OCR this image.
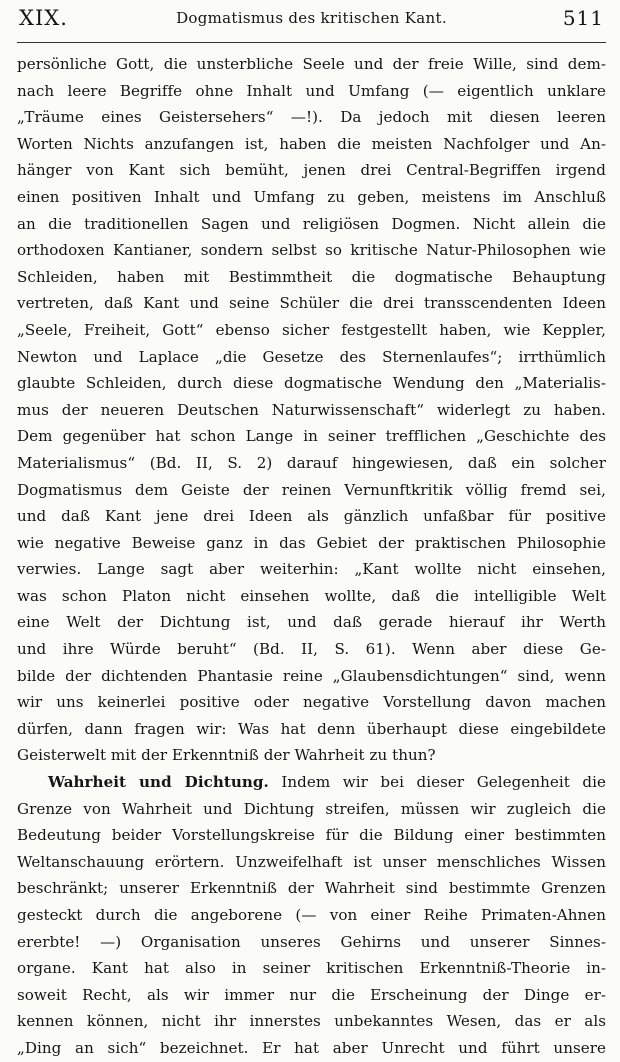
XIX.	Dogmatismus des kritischen Kant.	511
persönliche Gott, die unsterbliche Seele und der freie Wille, sind dem-
nach leere Begriffe ohne Inhalt und Umfang (— eigentlich unklare
„Träume eines Geistersehers“ —!). Da jedoch mit diesen leeren
Worten Nichts anzufangen ist, haben die meisten Nachfolger und An-
hänger von Kant sich bemüht, jenen drei Central-Begriffen irgend
einen positiven Inhalt und Umfang zu geben, meistens im Anschluß
an die traditionellen Sagen und religiösen Dogmen. Nicht allein die
orthodoxen Kantianer, sondern selbst so kritische Natur-Philosophen wie
Schleiden, haben mit Bestimmtheit die dogmatische Behauptung
vertreten, daß Kant und seine Schüler die drei transscendenten Ideen
„Seele, Freiheit, Gott“ ebenso sicher festgestellt haben, wie Keppler,
Newton und Laplace „die Gesetze des Sternenlaufes“; irrthümlich
glaubte Schleiden, durch diese dogmatische Wendung den „Materialis-
mus der neueren Deutschen Naturwissenschaft“ widerlegt zu haben.
Dem gegenüber hat schon Lange in seiner trefflichen „Geschichte des
Materialismus“ (Bd. II, S. 2) darauf hingewiesen, daß ein solcher
Dogmatismus dem Geiste der reinen Vernunftkritik völlig fremd sei,
und daß Kant jene drei Ideen als gänzlich unfaßbar für positive
wie negative Beweise ganz in das Gebiet der praktischen Philosophie
verwies. Lange sagt aber weiterhin: „Kant wollte nicht einsehen,
was schon Platon nicht einsehen wollte, daß die intelligible Welt
eine Welt der Dichtung ist, und daß gerade hierauf ihr Werth
und ihre Würde beruht“ (Bd. II, S. 61). Wenn aber diese Ge-
bilde der dichtenden Phantasie reine „Glaubensdichtungen“ sind, wenn
wir uns keinerlei positive oder negative Vorstellung davon machen
dürfen, dann fragen wir: Was hat denn überhaupt diese eingebildete
Geisterwelt mit der Erkenntniß der Wahrheit zu thun?
Wahrheit und Dichtung. Indem wir bei dieser Gelegenheit die
Grenze von Wahrheit und Dichtung streifen, müssen wir zugleich die
Bedeutung beider Vorstellungskreise für die Bildung einer bestimmten
Weltanschauung erörtern. Unzweifelhaft ist unser menschliches Wissen
beschränkt; unserer Erkenntniß der Wahrheit sind bestimmte Grenzen
gesteckt durch die angeborene (— von einer Reihe Primaten-Ahnen
ererbte! —) Organisation unseres Gehirns und unserer Sinnes-
organe. Kant hat also in seiner kritischen Erkenntniß-Theorie in-
soweit Recht, als wir immer nur die Erscheinung der Dinge er-
kennen können, nicht ihr innerstes unbekanntes Wesen, das er als
„Ding an sich“ bezeichnet. Er hat aber Unrecht und führt unsere
